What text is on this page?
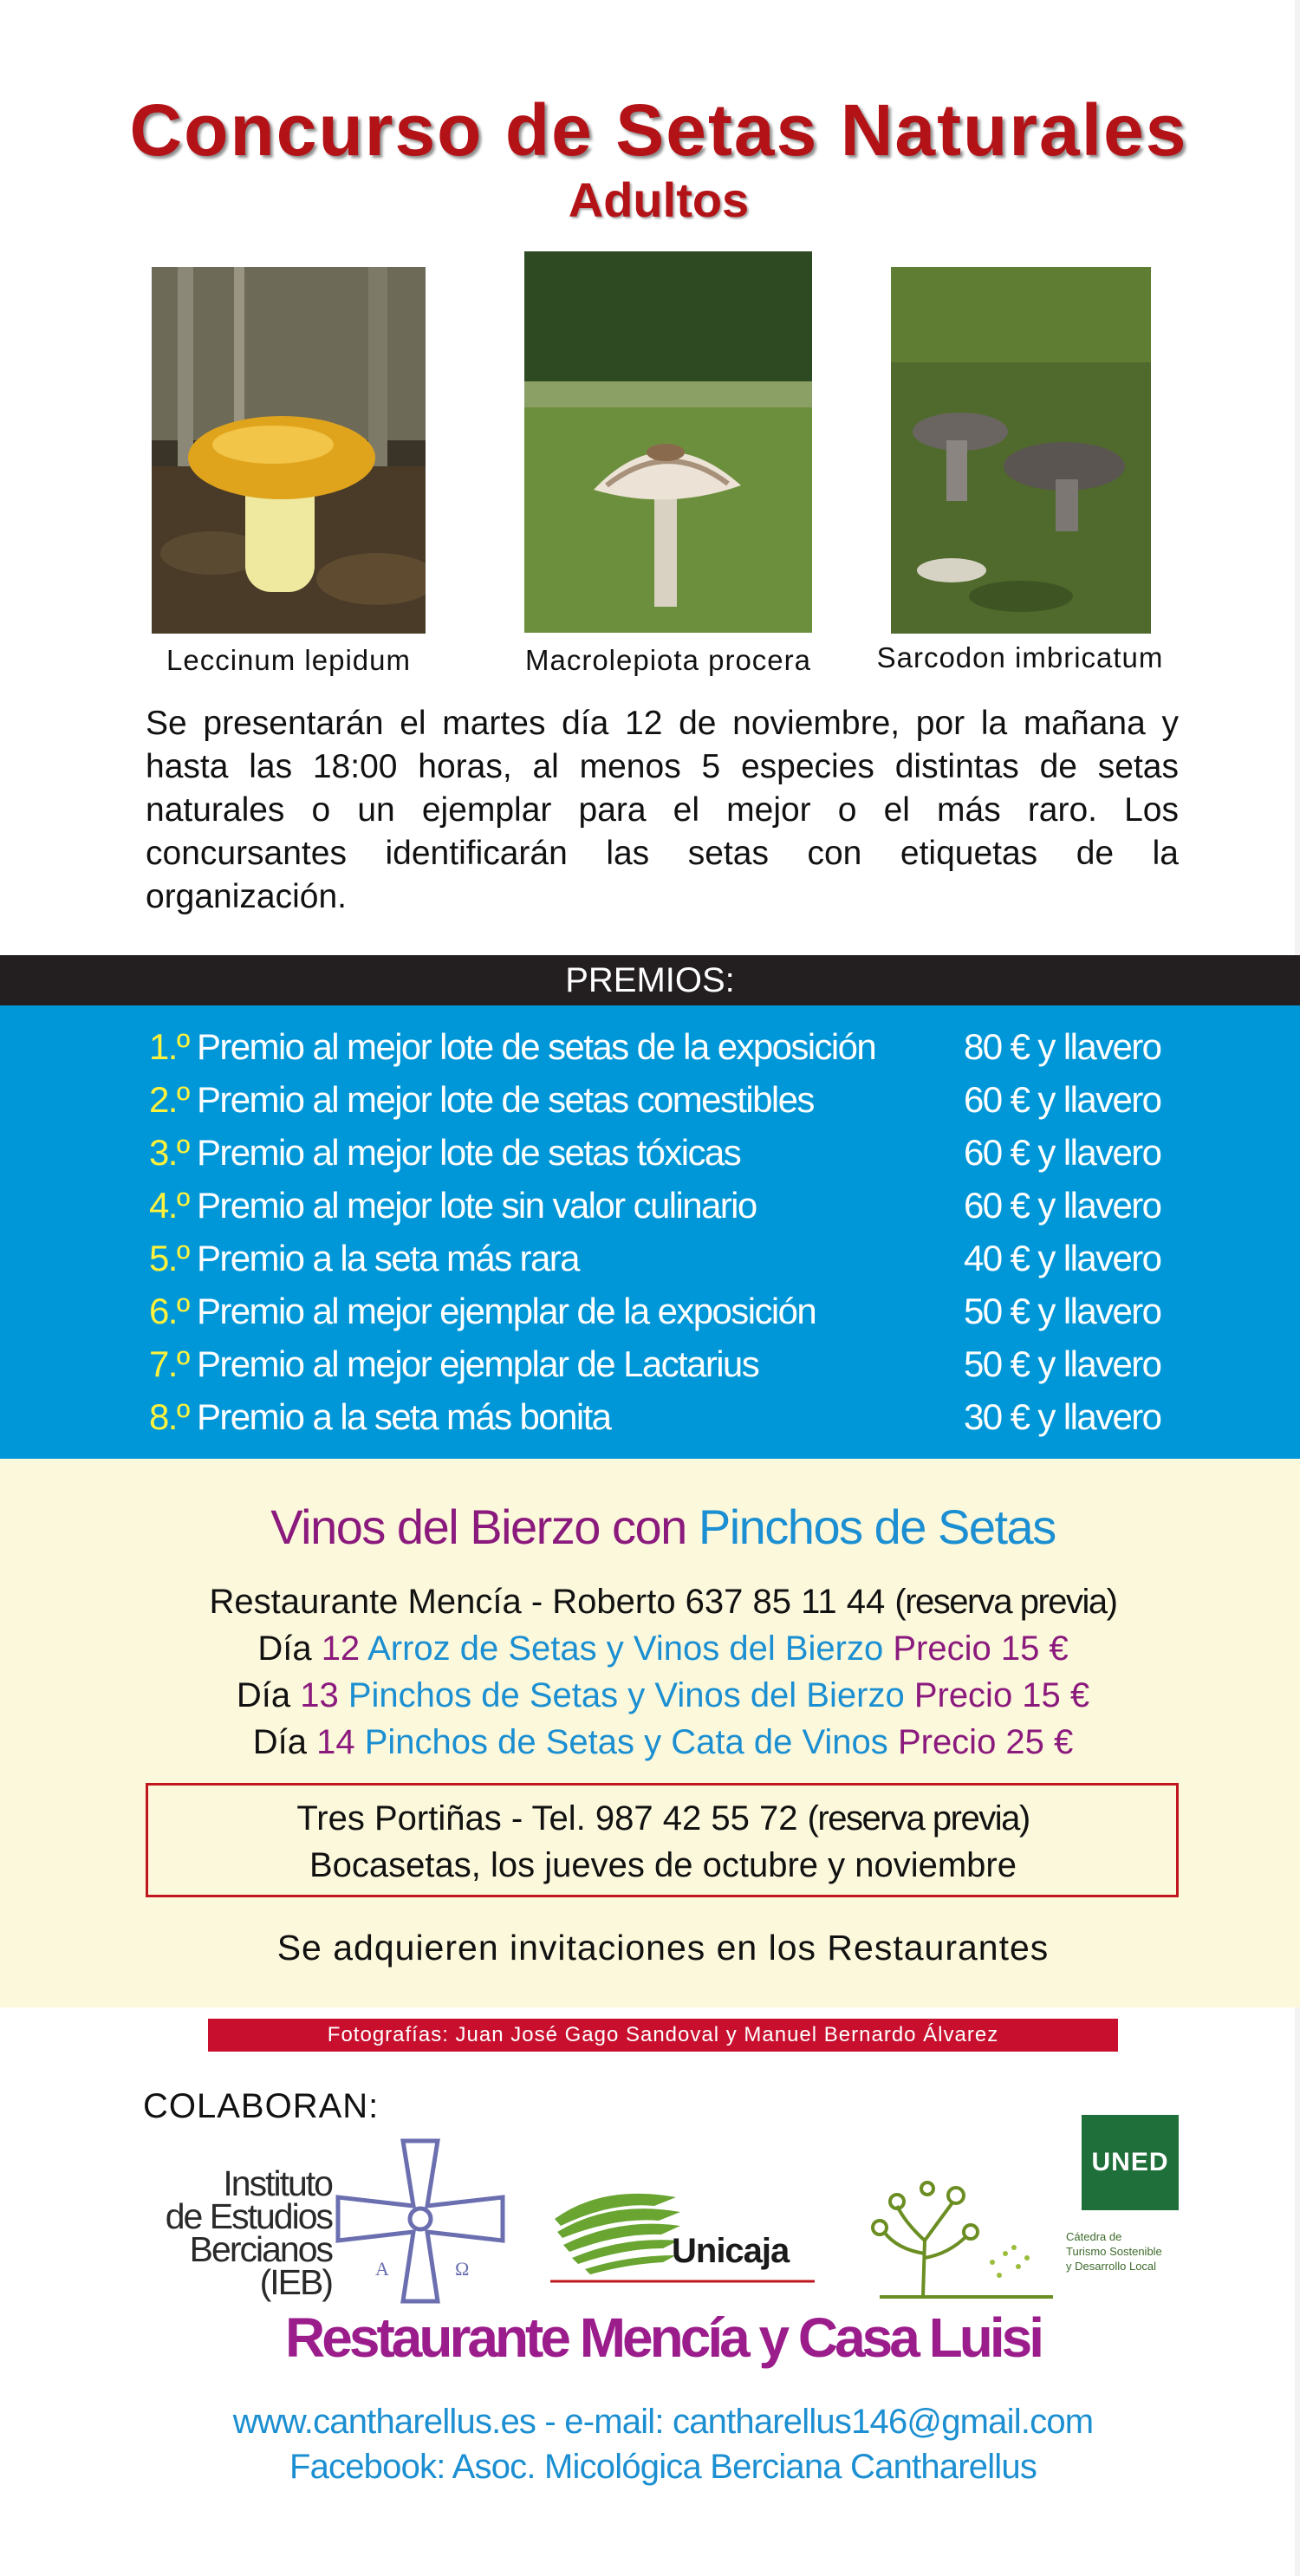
Concurso de Setas Naturales
Adultos
Leccinum lepidum	Macrolepiota procera	Sarcodon imbricatum
Se presentarán el martes día 12 de noviembre, por la mañana y hasta las 18:00 horas, al menos 5 especies distintas de setas naturales o un ejemplar para el mejor o el más raro. Los concursantes identificarán las setas con etiquetas de la organización.
PREMIOS:
1.º Premio al mejor lote de setas de la exposición 80 € y llavero
2.º Premio al mejor lote de setas comestibles	60 € y llavero
3.º Premio al mejor lote de setas tóxicas	60 € y llavero
4.º Premio al mejor lote sin valor culinario	60 € y llavero
5.º Premio a la seta más rara	40 € y llavero
6.º Premio al mejor ejemplar de la exposición	50 € y llavero
7.º Premio al mejor ejemplar de Lactarius	50 € y llavero
8.º Premio a la seta más bonita	30 € y llavero
Vinos del Bierzo con Pinchos de Setas
Restaurante Mencía - Roberto 637 85 11 44 (reserva previa)
Día 12 Arroz de Setas y Vinos del Bierzo Precio 15 €
Día 13 Pinchos de Setas y Vinos del Bierzo Precio 15 €
Día 14 Pinchos de Setas y Cata de Vinos Precio 25 €
Tres Portiñas - Tel. 987 42 55 72 (reserva previa)
Bocasetas, los jueves de octubre y noviembre
Se adquieren invitaciones en los Restaurantes
Fotografías: Juan José Gago Sandoval y Manuel Bernardo Álvarez
COLABORAN:
Instituto
de Estudios
Bercianos
(IEB) A	Ω	Unicaja
UNED
Cátedra de
Turismo Sostenible
y Desarrollo Local
Restaurante Mencía y Casa Luisi
www.cantharellus.es - e-mail: cantharellus146@gmail.com
Facebook: Asoc. Micológica Berciana Cantharellus
